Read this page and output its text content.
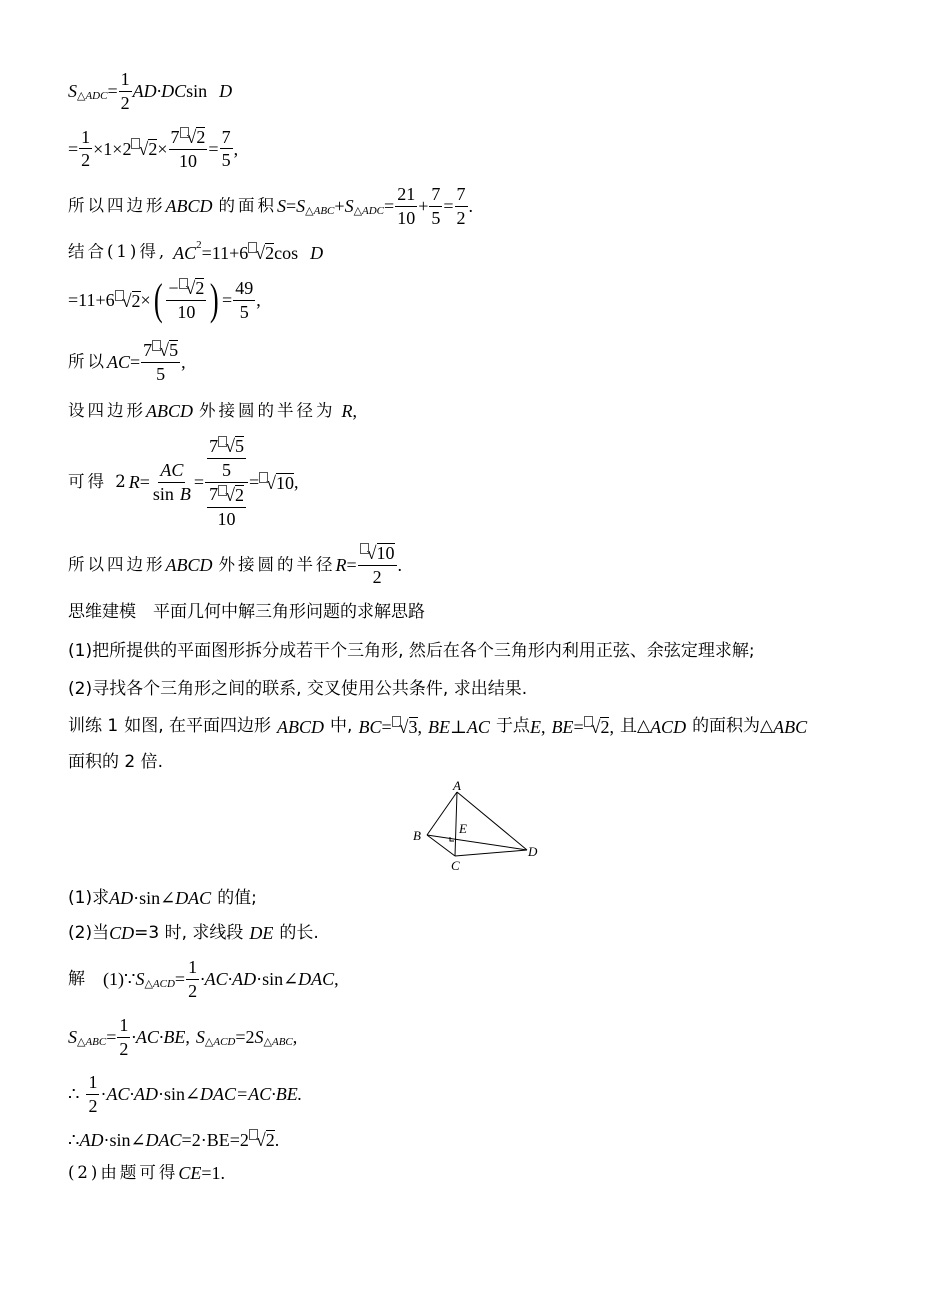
S △ADC = $\frac{1}{2} AD\cdot DC$ sin D
= $\frac{1}{2} \times 1\times 2$ √ $2 \times \frac{7 √ 2}{10} = \frac{7}{5}$ ,
所以四边形 ABCD 的面积 S = S △ABC + S △ADC = $\frac{21}{10} + \frac{7}{5} = \frac{7}{2}$ .
结合(1)得, AC 2 =11+6 √ 2 cos D
=11+6 √ 2 × ( $\frac{- √ 2}{10}$ ) = $\frac{49}{5}$ ,
所以 AC = $\frac{7 √ 5}{5}$ ,
设四边形 ABCD 外接圆的半径为 R ,
可得 2 $R = \frac{AC}{\text{sin B}} = \frac{\frac{7 √ 5}{5}}{\frac{7 √ 2}{10}}$ = √ 10 ,
所以四边形 ABCD 外接圆的半径 $R = \frac{√ 10}{2}$ .
思维建模　平面几何中解三角形问题的求解思路
(1)把所提供的平面图形拆分成若干个三角形, 然后在各个三角形内利用正弦、余弦定理求解;
(2)寻找各个三角形之间的联系, 交叉使用公共条件, 求出结果.
训练 1 如图, 在平面四边形 ABCD 中, BC = √ 3 , BE⊥AC 于点 E , BE = √ 2 , 且△ ACD 的面积为△ ABC
面积的 2 倍.
A
B
C
D
E
(1)求 AD ·sin∠ DAC 的值;
(2)当 CD =3 时, 求线段 DE 的长.
解 (1)∵ S △ACD = $\frac{1}{2} \cdot AC\cdot AD$ ·sin∠ DAC ,
S △ABC = $\frac{1}{2} \cdot AC\cdot BE$ , S △ACD =2 S △ABC ,
∴ $\frac{1}{2} \cdot AC\cdot AD$ ·sin∠ DAC =AC·BE.
∴ AD ·sin∠ DAC =2·BE=2 √ 2 .
(2)由题可得 CE =1.
